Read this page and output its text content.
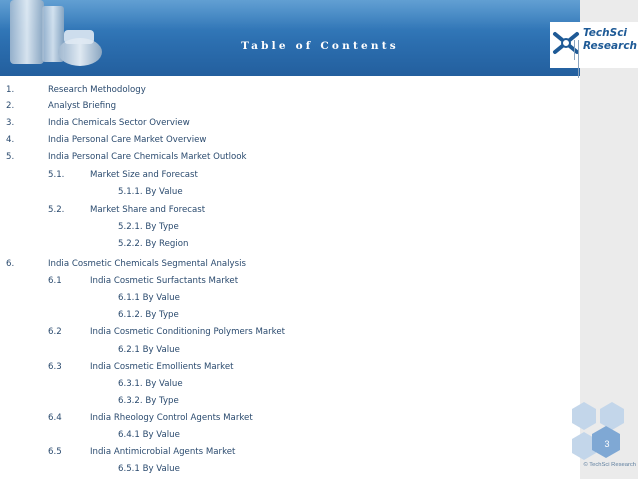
Table of Contents
TechSci
Research
1.	Research Methodology
2.	Analyst Briefing
3.	India Chemicals Sector Overview
4.	India Personal Care Market Overview
5.	India Personal Care Chemicals Market Outlook
5.1.	Market Size and Forecast
5.1.1. By Value
5.2.	Market Share and Forecast
5.2.1. By Type
5.2.2. By Region
6.	India Cosmetic Chemicals Segmental Analysis
6.1	India Cosmetic Surfactants Market
6.1.1 By Value
6.1.2. By Type
6.2	India Cosmetic Conditioning Polymers Market
6.2.1 By Value
6.3	India Cosmetic Emollients Market
6.3.1. By Value
6.3.2. By Type
6.4	India Rheology Control Agents Market
6.4.1 By Value
6.5	India Antimicrobial Agents Market
6.5.1 By Value
3
© TechSci Research
